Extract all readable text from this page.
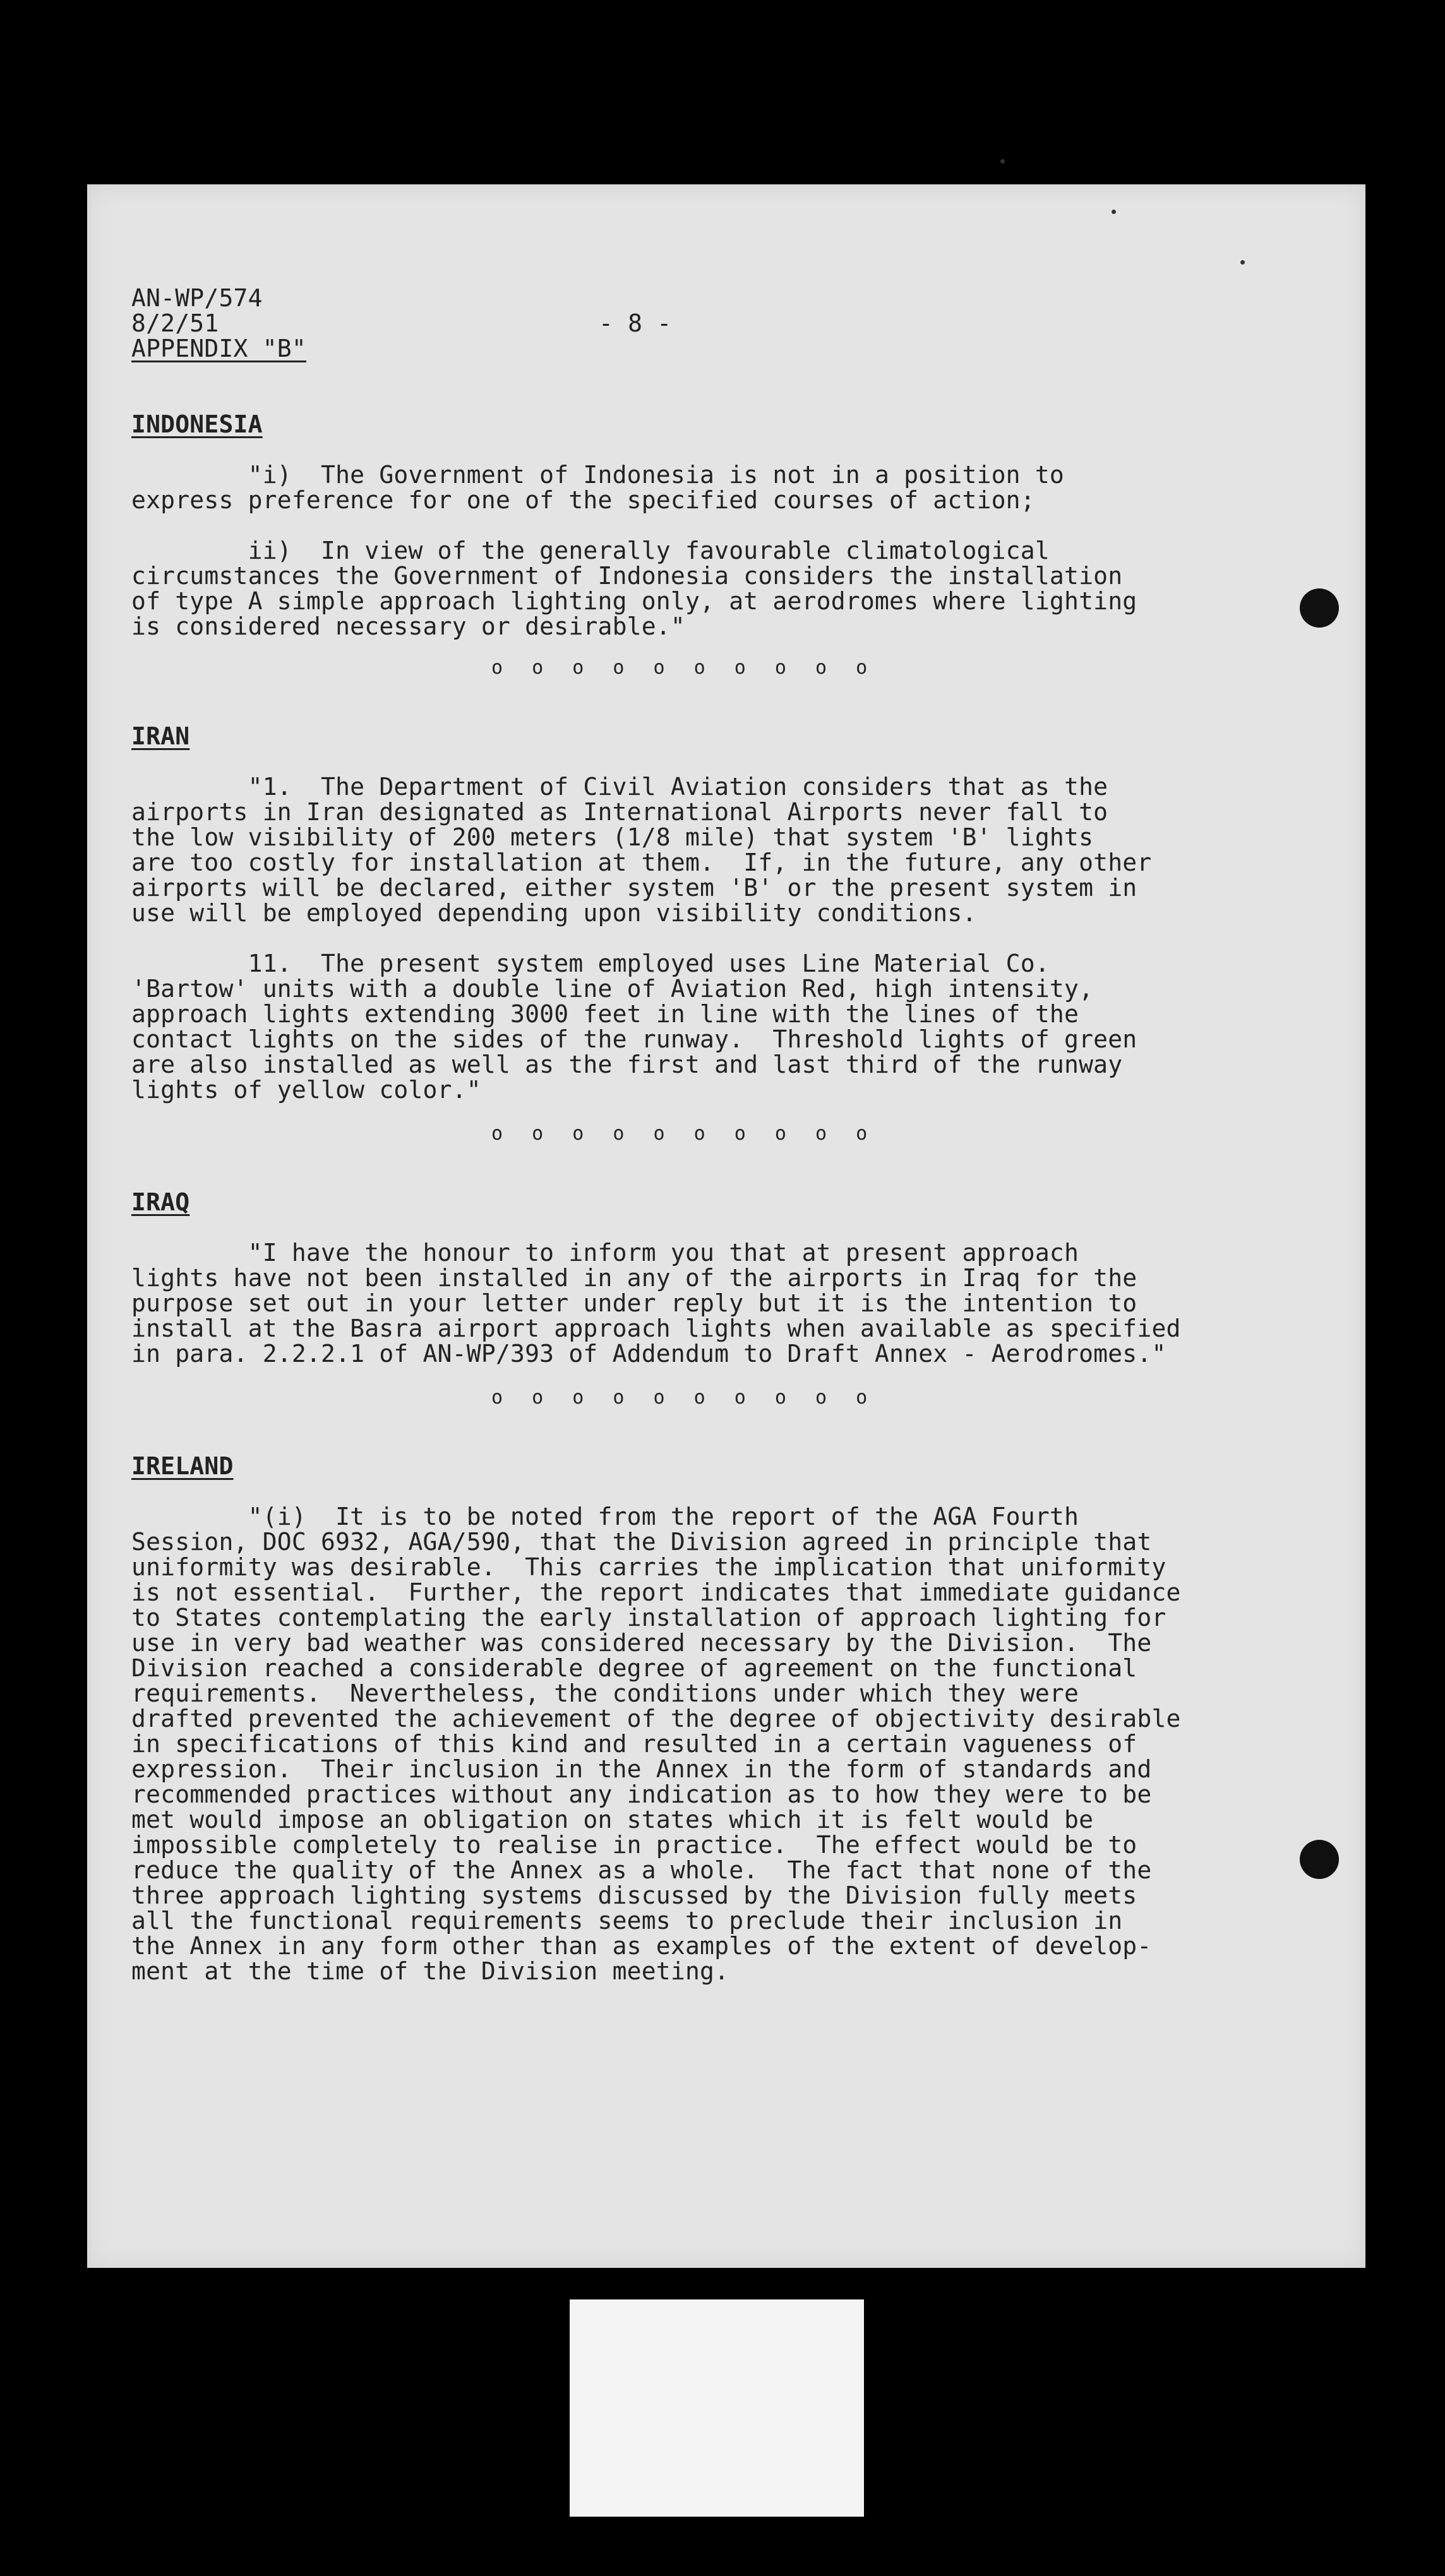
AN-WP/574
8/2/51
APPENDIX "B"
- 8 -
INDONESIA

"i)  The Government of Indonesia is not in a position to
express preference for one of the specified courses of action;

ii)  In view of the generally favourable climatological
circumstances the Government of Indonesia considers the installation
of type A simple approach lighting only, at aerodromes where lighting
is considered necessary or desirable."

o o o o o o o o o o

IRAN

"1.  The Department of Civil Aviation considers that as the
airports in Iran designated as International Airports never fall to
the low visibility of 200 meters (1/8 mile) that system 'B' lights
are too costly for installation at them.  If, in the future, any other
airports will be declared, either system 'B' or the present system in
use will be employed depending upon visibility conditions.

11.  The present system employed uses Line Material Co.
'Bartow' units with a double line of Aviation Red, high intensity,
approach lights extending 3000 feet in line with the lines of the
contact lights on the sides of the runway.  Threshold lights of green
are also installed as well as the first and last third of the runway
lights of yellow color."

o o o o o o o o o o

IRAQ

"I have the honour to inform you that at present approach
lights have not been installed in any of the airports in Iraq for the
purpose set out in your letter under reply but it is the intention to
install at the Basra airport approach lights when available as specified
in para. 2.2.2.1 of AN-WP/393 of Addendum to Draft Annex - Aerodromes."

o o o o o o o o o o

IRELAND

"(i)  It is to be noted from the report of the AGA Fourth
Session, DOC 6932, AGA/590, that the Division agreed in principle that
uniformity was desirable.  This carries the implication that uniformity
is not essential.  Further, the report indicates that immediate guidance
to States contemplating the early installation of approach lighting for
use in very bad weather was considered necessary by the Division.  The
Division reached a considerable degree of agreement on the functional
requirements.  Nevertheless, the conditions under which they were
drafted prevented the achievement of the degree of objectivity desirable
in specifications of this kind and resulted in a certain vagueness of
expression.  Their inclusion in the Annex in the form of standards and
recommended practices without any indication as to how they were to be
met would impose an obligation on states which it is felt would be
impossible completely to realise in practice.  The effect would be to
reduce the quality of the Annex as a whole.  The fact that none of the
three approach lighting systems discussed by the Division fully meets
all the functional requirements seems to preclude their inclusion in
the Annex in any form other than as examples of the extent of develop-
ment at the time of the Division meeting.
